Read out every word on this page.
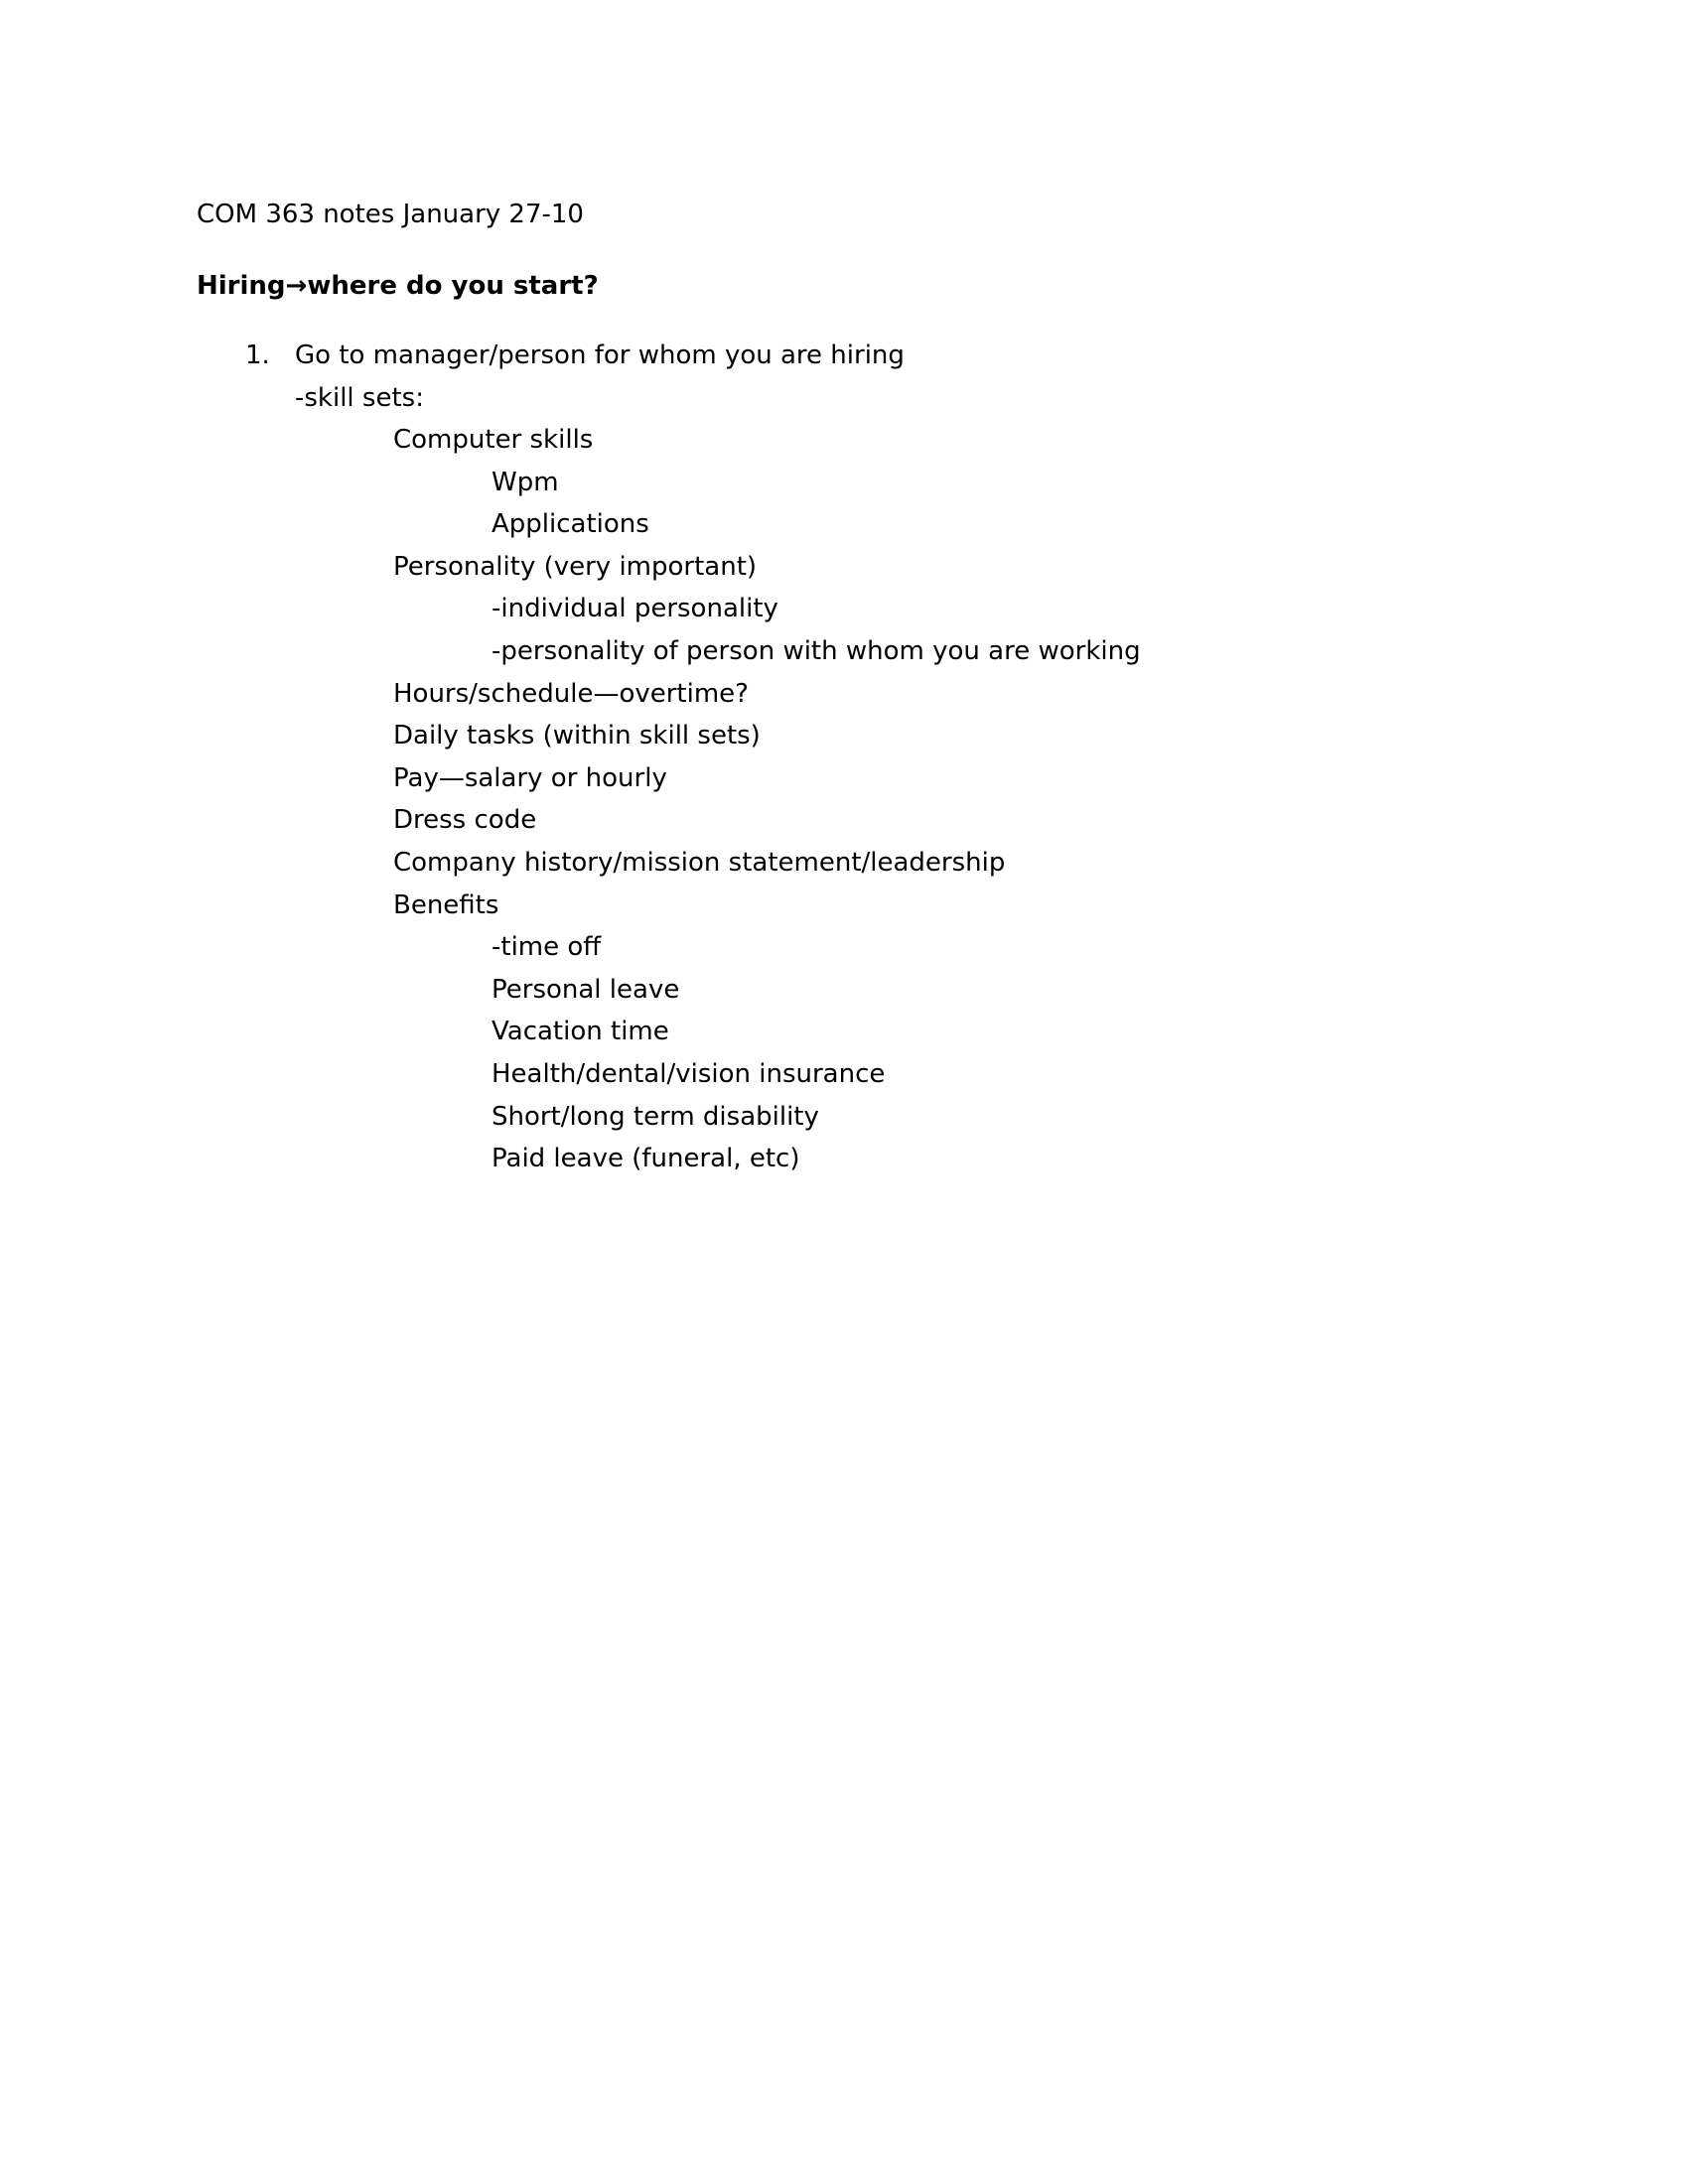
COM 363 notes January 27-10
Hiring→where do you start?
1. Go to manager/person for whom you are hiring
-skill sets:
Computer skills
Wpm
Applications
Personality (very important)
-individual personality
-personality of person with whom you are working
Hours/schedule—overtime?
Daily tasks (within skill sets)
Pay—salary or hourly
Dress code
Company history/mission statement/leadership
Benefits
-time off
Personal leave
Vacation time
Health/dental/vision insurance
Short/long term disability
Paid leave (funeral, etc)
